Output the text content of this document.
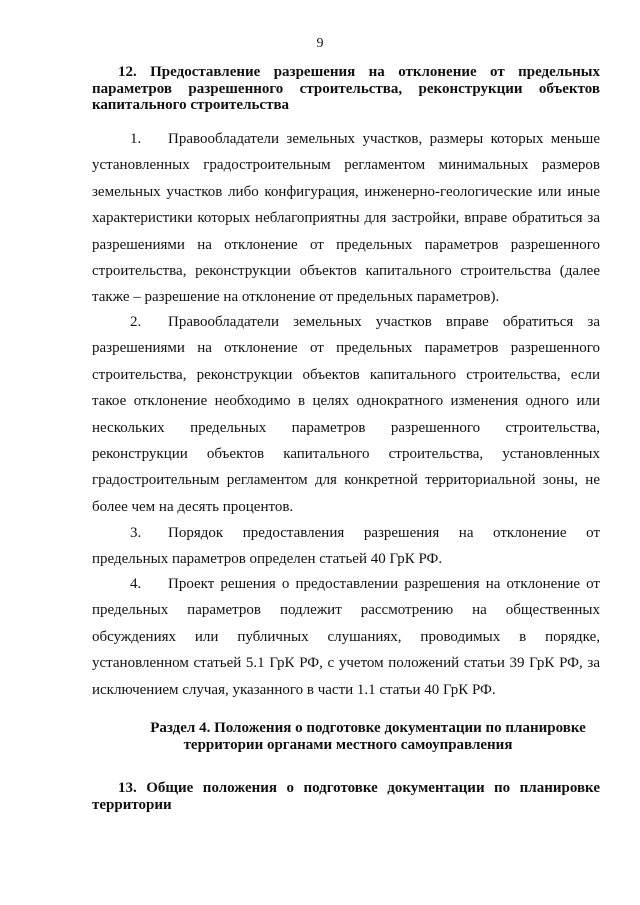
9
12. Предоставление разрешения на отклонение от предельных параметров разрешенного строительства, реконструкции объектов капитального строительства

1. Правообладатели земельных участков, размеры которых меньше установленных градостроительным регламентом минимальных размеров земельных участков либо конфигурация, инженерно-геологические или иные характеристики которых неблагоприятны для застройки, вправе обратиться за разрешениями на отклонение от предельных параметров разрешенного строительства, реконструкции объектов капитального строительства (далее также – разрешение на отклонение от предельных параметров).

2. Правообладатели земельных участков вправе обратиться за разрешениями на отклонение от предельных параметров разрешенного строительства, реконструкции объектов капитального строительства, если такое отклонение необходимо в целях однократного изменения одного или нескольких предельных параметров разрешенного строительства, реконструкции объектов капитального строительства, установленных градостроительным регламентом для конкретной территориальной зоны, не более чем на десять процентов.

3. Порядок предоставления разрешения на отклонение от предельных параметров определен статьей 40 ГрК РФ.

4. Проект решения о предоставлении разрешения на отклонение от предельных параметров подлежит рассмотрению на общественных обсуждениях или публичных слушаниях, проводимых в порядке, установленном статьей 5.1 ГрК РФ, с учетом положений статьи 39 ГрК РФ, за исключением случая, указанного в части 1.1 статьи 40 ГрК РФ.

Раздел 4. Положения о подготовке документации по планировке
территории органами местного самоуправления
13. Общие положения о подготовке документации по планировке территории
